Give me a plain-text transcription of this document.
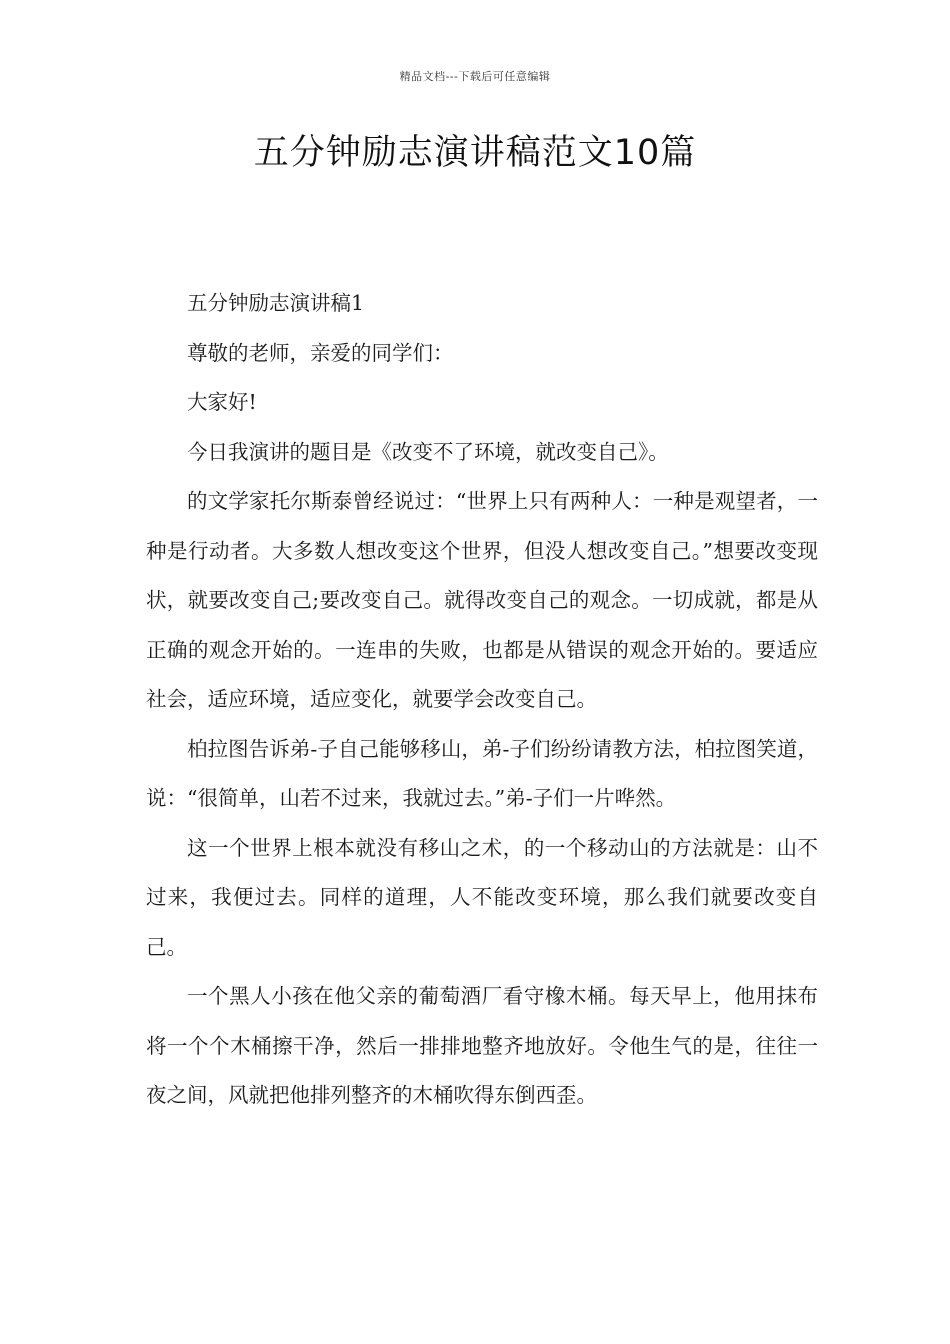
精品文档---下载后可任意编辑
五分钟励志演讲稿范文10篇

五分钟励志演讲稿1

尊敬的老师，亲爱的同学们：

大家好!

今日我演讲的题目是《改变不了环境，就改变自己》。

的文学家托尔斯泰曾经说过：“世界上只有两种人：一种是观望者，一种是行动者。大多数人想改变这个世界，但没人想改变自己。”想要改变现状，就要改变自己;要改变自己。就得改变自己的观念。一切成就，都是从正确的观念开始的。一连串的失败，也都是从错误的观念开始的。要适应社会，适应环境，适应变化，就要学会改变自己。

柏拉图告诉弟-子自己能够移山，弟-子们纷纷请教方法，柏拉图笑道，说：“很简单，山若不过来，我就过去。”弟-子们一片哗然。

这一个世界上根本就没有移山之术，的一个移动山的方法就是：山不过来，我便过去。同样的道理，人不能改变环境，那么我们就要改变自己。

一个黑人小孩在他父亲的葡萄酒厂看守橡木桶。每天早上，他用抹布将一个个木桶擦干净，然后一排排地整齐地放好。令他生气的是，往往一夜之间，风就把他排列整齐的木桶吹得东倒西歪。
